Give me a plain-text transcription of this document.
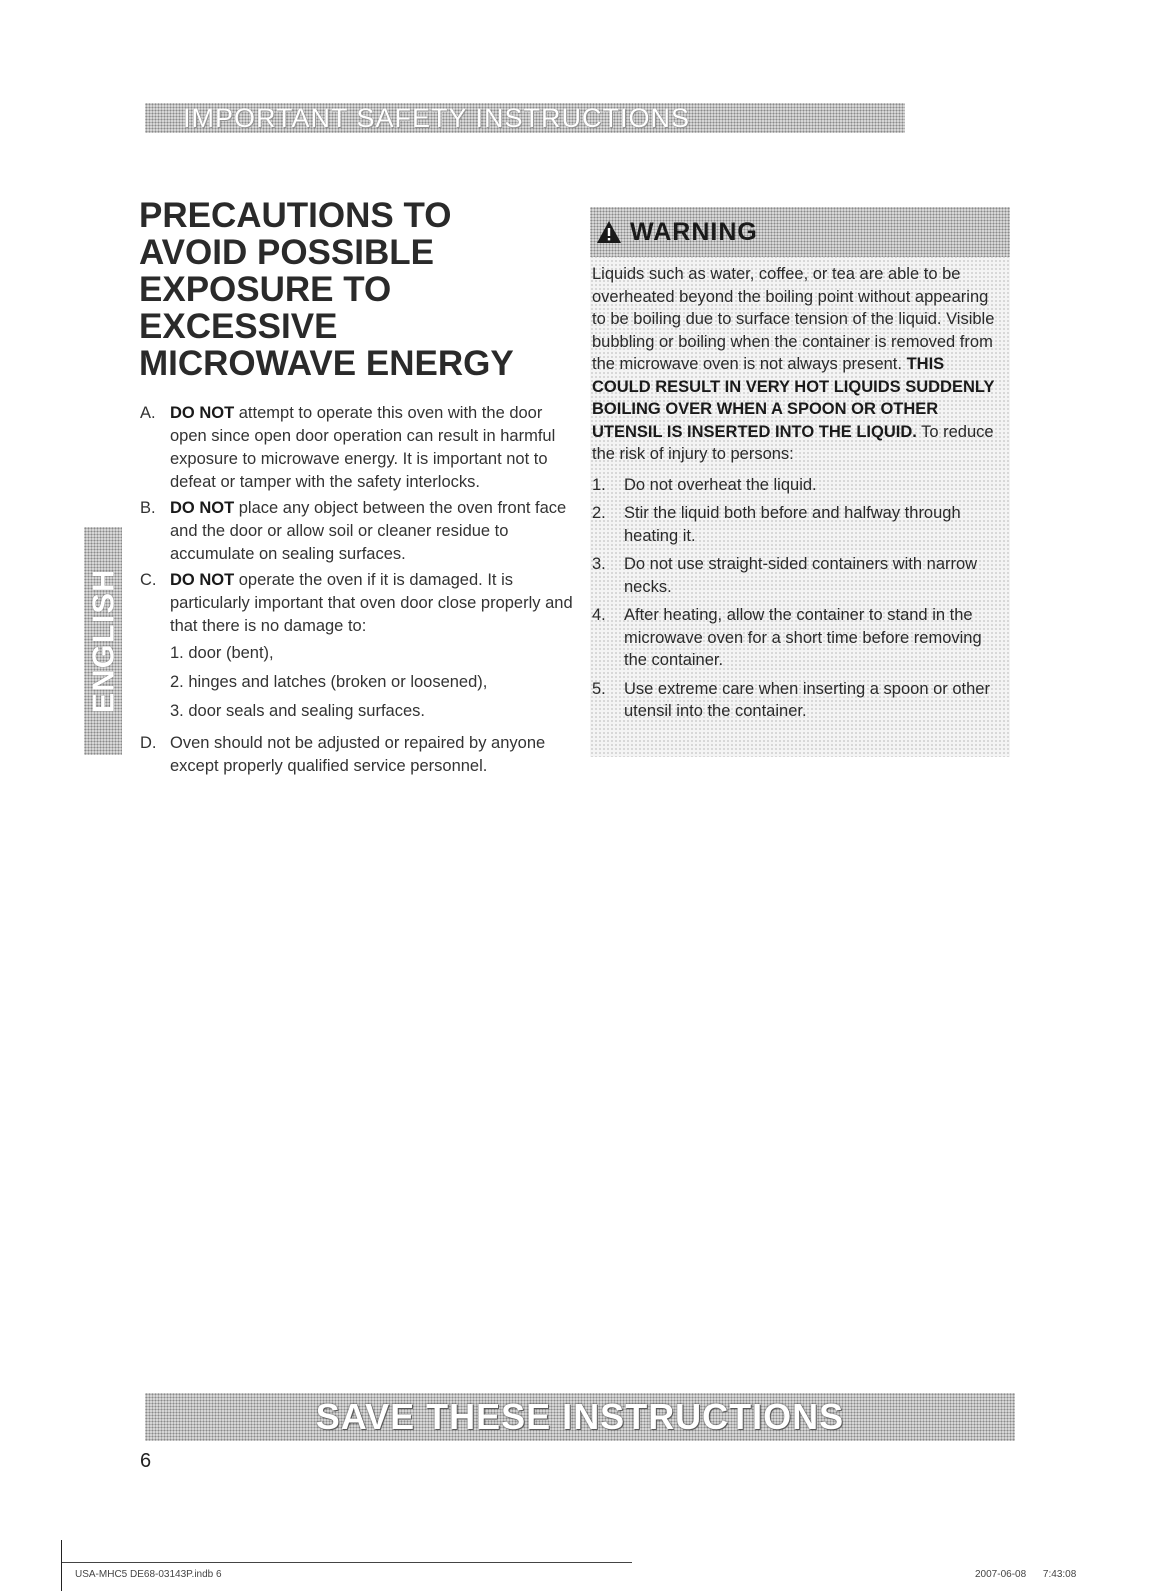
IMPORTANT SAFETY INSTRUCTIONS
ENGLISH
PRECAUTIONS TO AVOID POSSIBLE EXPOSURE TO EXCESSIVE MICROWAVE ENERGY
A. DO NOT attempt to operate this oven with the door open since open door operation can result in harmful exposure to microwave energy. It is important not to defeat or tamper with the safety interlocks.
B. DO NOT place any object between the oven front face and the door or allow soil or cleaner residue to accumulate on sealing surfaces.
C. DO NOT operate the oven if it is damaged. It is particularly important that oven door close properly and that there is no damage to:
1. door (bent),
2. hinges and latches (broken or loosened),
3. door seals and sealing surfaces.
D. Oven should not be adjusted or repaired by anyone except properly qualified service personnel.
WARNING
Liquids such as water, coffee, or tea are able to be overheated beyond the boiling point without appearing to be boiling due to surface tension of the liquid. Visible bubbling or boiling when the container is removed from the microwave oven is not always present. THIS COULD RESULT IN VERY HOT LIQUIDS SUDDENLY BOILING OVER WHEN A SPOON OR OTHER UTENSIL IS INSERTED INTO THE LIQUID. To reduce the risk of injury to persons:
1.	Do not overheat the liquid.
2.	Stir the liquid both before and halfway through heating it.
3.	Do not use straight-sided containers with narrow necks.
4.	After heating, allow the container to stand in the microwave oven for a short time before removing the container.
5.	Use extreme care when inserting a spoon or other utensil into the container.
SAVE THESE INSTRUCTIONS
6
USA-MHC5 DE68-03143P.indb 6	2007-06-08 7:43:08
